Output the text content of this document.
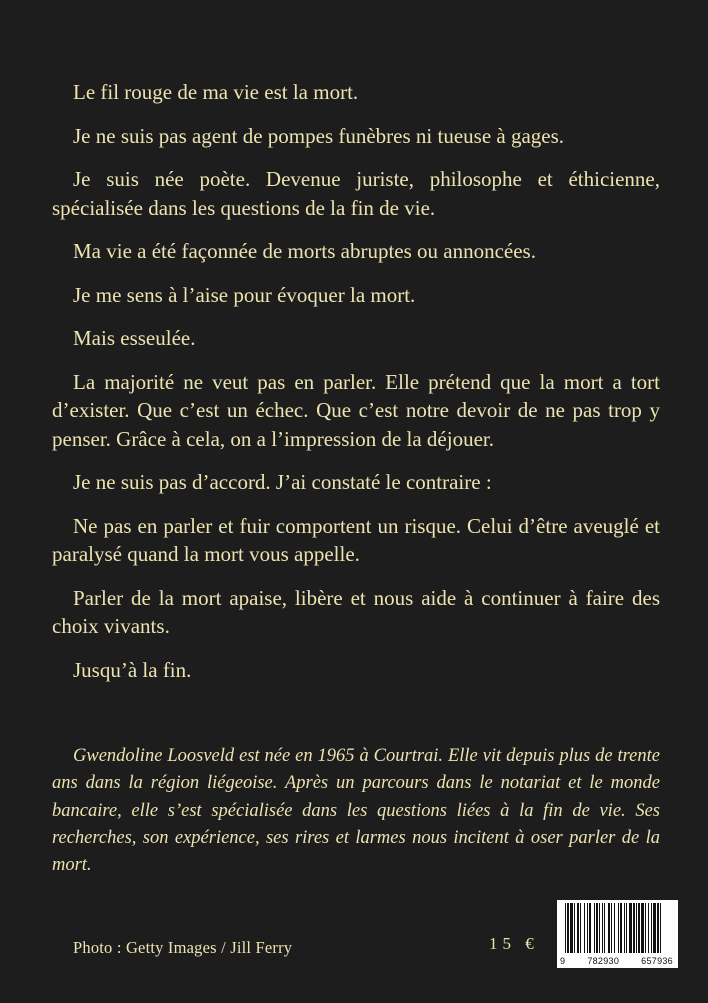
Le fil rouge de ma vie est la mort.

Je ne suis pas agent de pompes funèbres ni tueuse à gages.

Je suis née poète. Devenue juriste, philosophe et éthicienne, spécialisée dans les questions de la fin de vie.

Ma vie a été façonnée de morts abruptes ou annoncées.

Je me sens à l’aise pour évoquer la mort.

Mais esseulée.

La majorité ne veut pas en parler. Elle prétend que la mort a tort d’exister. Que c’est un échec. Que c’est notre devoir de ne pas trop y penser. Grâce à cela, on a l’impression de la déjouer.

Je ne suis pas d’accord. J’ai constaté le contraire :

Ne pas en parler et fuir comportent un risque. Celui d’être aveuglé et paralysé quand la mort vous appelle.

Parler de la mort apaise, libère et nous aide à continuer à faire des choix vivants.

Jusqu’à la fin.

Gwendoline Loosveld est née en 1965 à Courtrai. Elle vit depuis plus de trente ans dans la région liégeoise. Après un parcours dans le notariat et le monde bancaire, elle s’est spécialisée dans les questions liées à la fin de vie. Ses recherches, son expérience, ses rires et larmes nous incitent à oser parler de la mort.

Photo : Getty Images / Jill Ferry	15 €
9 782930 657936
